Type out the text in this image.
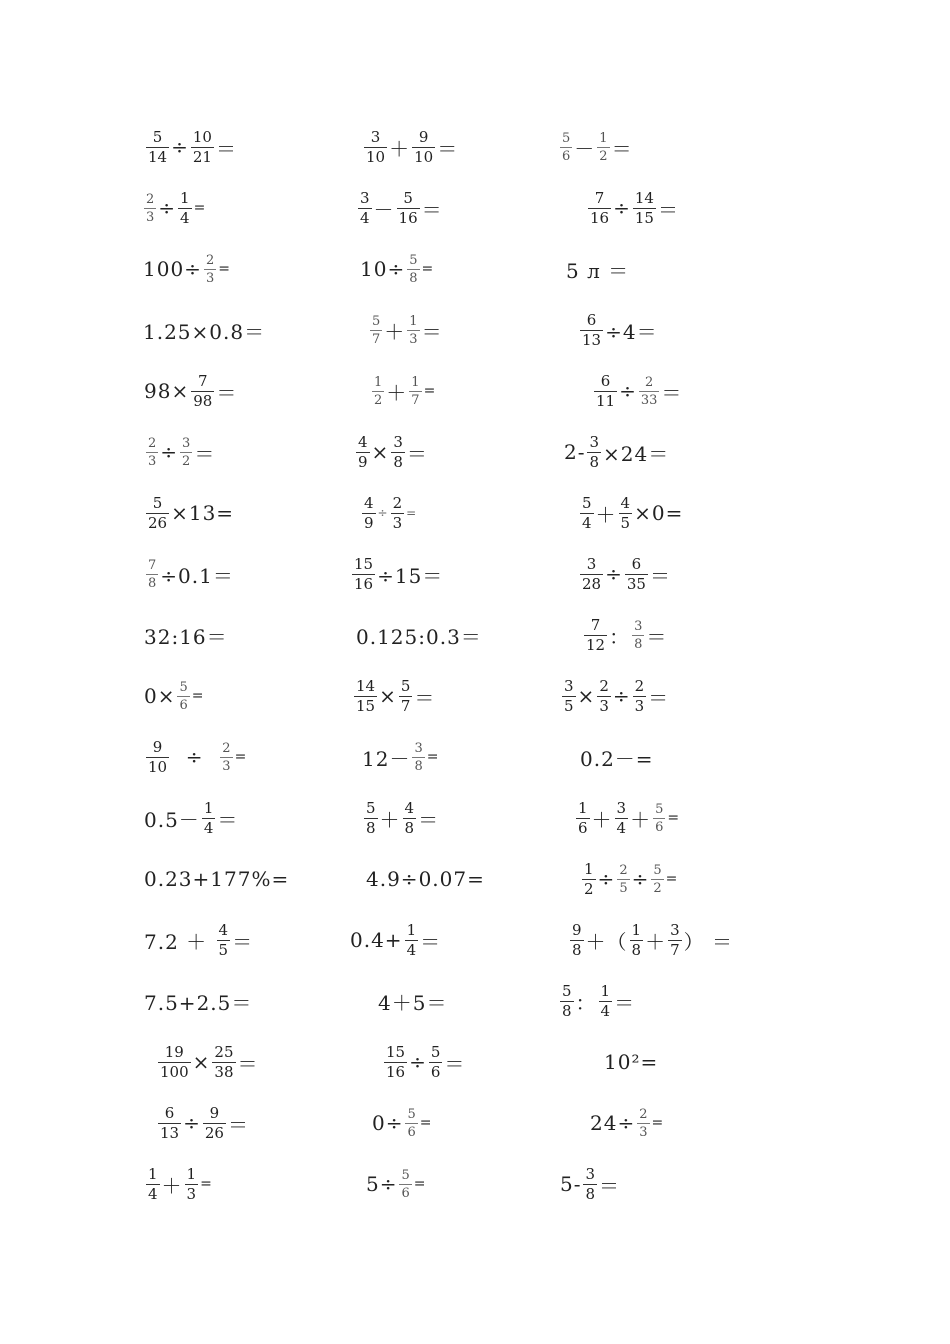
$\frac{5}{14} \div \frac{10}{21}$ ＝	$\frac{3}{10} + \frac{9}{10}$ ＝	$\frac{5}{6} - \frac{1}{2}$ ＝
$\frac{2}{3} \div \frac{1}{4}$ =	$\frac{3}{4} - \frac{5}{16}$ ＝	$\frac{7}{16} \div \frac{14}{15}$ ＝
$100\div \frac{2}{3}$ =	$10\div \frac{5}{8}$ =	5 л ＝
1.25×0.8＝	$\frac{5}{7} + \frac{1}{3}$ ＝	$\frac{6}{13} \div 4=$
$98\times \frac{7}{98}$ ＝	$\frac{1}{2} + \frac{1}{7}$ =	$\frac{6}{11} \div \frac{2}{33}$ ＝
$\frac{2}{3} \div \frac{3}{2}$ ＝	$\frac{4}{9} \times \frac{3}{8}$ ＝	$2- \frac{3}{8} \times 24=$
$\frac{5}{26} \times 13=$	$\frac{4}{9} \div \frac{2}{3}$ =	$\frac{5}{4} + \frac{4}{5} \times 0=$
$\frac{7}{8} \div 0.1=$	$\frac{15}{16} \div 15=$	$\frac{3}{28} \div \frac{6}{35}$ ＝
32:16＝	0.125:0.3＝	$\frac{7}{12}$ ： $\frac{3}{8}$ ＝
$0\times \frac{5}{6}$ =	$\frac{14}{15} \times \frac{5}{7}$ ＝	$\frac{3}{5} \times \frac{2}{3} \div \frac{2}{3}$ ＝
$\frac{9}{10} \div \frac{2}{3}$ =	$12- \frac{3}{8}$ =	0.2－=
$0.5- \frac{1}{4}$ ＝	$\frac{5}{8} + \frac{4}{8}$ ＝	$\frac{1}{6} + \frac{3}{4} + \frac{5}{6}$ =
0.23+177%=	4.9÷0.07=	$\frac{1}{2} \div \frac{2}{5} \div \frac{5}{2}$ =
$7.2 + \frac{4}{5}$ ＝	$0.4+ \frac{1}{4}$ ＝	$\frac{9}{8}$ ＋（ $\frac{1}{8} + \frac{3}{7}$ ） ＝
7.5+2.5＝	4＋5＝	$\frac{5}{8}$ ： $\frac{1}{4}$ ＝
$\frac{19}{100} \times \frac{25}{38}$ ＝	$\frac{15}{16} \div \frac{5}{6}$ ＝	10²=
$\frac{6}{13} \div \frac{9}{26}$ ＝	$0\div \frac{5}{6}$ =	$24\div \frac{2}{3}$ =
$\frac{1}{4} + \frac{1}{3}$ =	$5\div \frac{5}{6}$ =	$5- \frac{3}{8}$ ＝
